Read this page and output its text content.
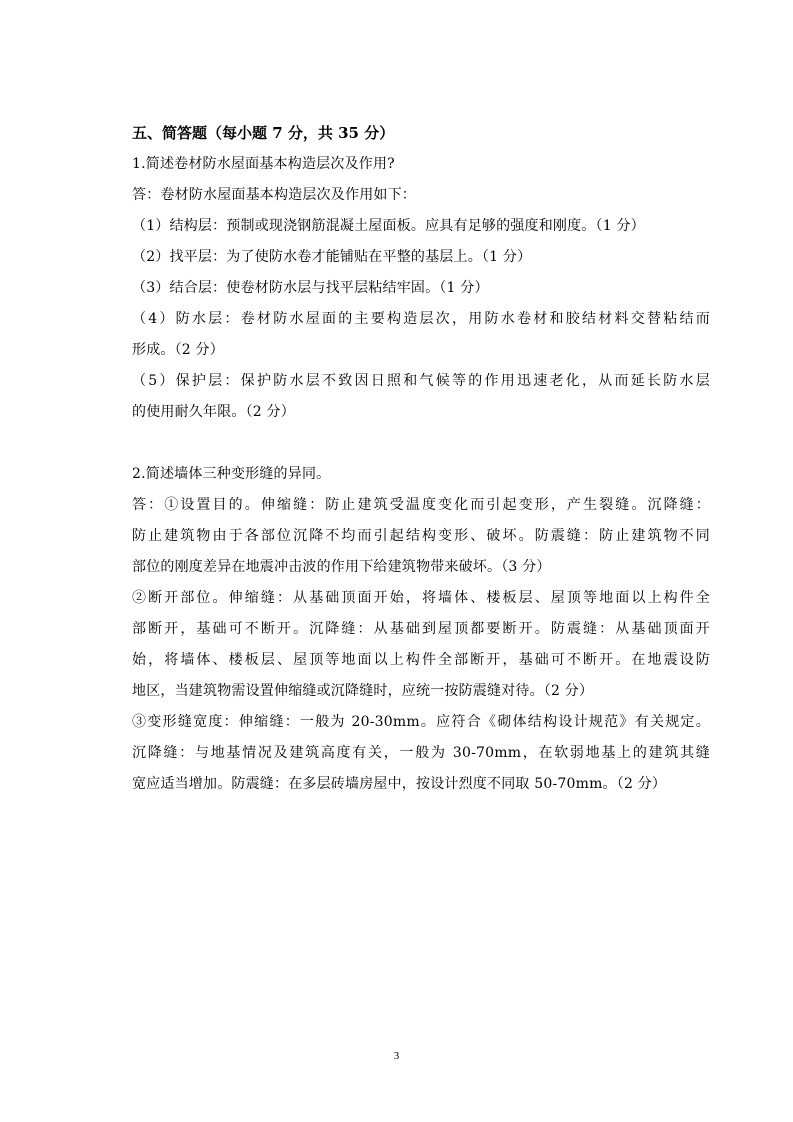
五、简答题（每小题 7 分，共 35 分）

1.简述卷材防水屋面基本构造层次及作用?

答：卷材防水屋面基本构造层次及作用如下：

（1）结构层：预制或现浇钢筋混凝土屋面板。应具有足够的强度和刚度。（1 分）

（2）找平层：为了使防水卷才能铺贴在平整的基层上。（1 分）

（3）结合层：使卷材防水层与找平层粘结牢固。（1 分）

（4）防水层：卷材防水屋面的主要构造层次，用防水卷材和胶结材料交替粘结而

形成。（2 分）

（5）保护层：保护防水层不致因日照和气候等的作用迅速老化，从而延长防水层

的使用耐久年限。（2 分）

2.简述墙体三种变形缝的异同。

答：①设置目的。伸缩缝：防止建筑受温度变化而引起变形，产生裂缝。沉降缝：

防止建筑物由于各部位沉降不均而引起结构变形、破坏。防震缝：防止建筑物不同

部位的刚度差异在地震冲击波的作用下给建筑物带来破坏。（3 分）

②断开部位。伸缩缝：从基础顶面开始，将墙体、楼板层、屋顶等地面以上构件全

部断开，基础可不断开。沉降缝：从基础到屋顶都要断开。防震缝：从基础顶面开

始，将墙体、楼板层、屋顶等地面以上构件全部断开，基础可不断开。在地震设防

地区，当建筑物需设置伸缩缝或沉降缝时，应统一按防震缝对待。（2 分）

③变形缝宽度：伸缩缝：一般为 20-30mm。应符合《砌体结构设计规范》有关规定。

沉降缝：与地基情况及建筑高度有关，一般为 30-70mm，在软弱地基上的建筑其缝

宽应适当增加。防震缝：在多层砖墙房屋中，按设计烈度不同取 50-70mm。（2 分）

3
